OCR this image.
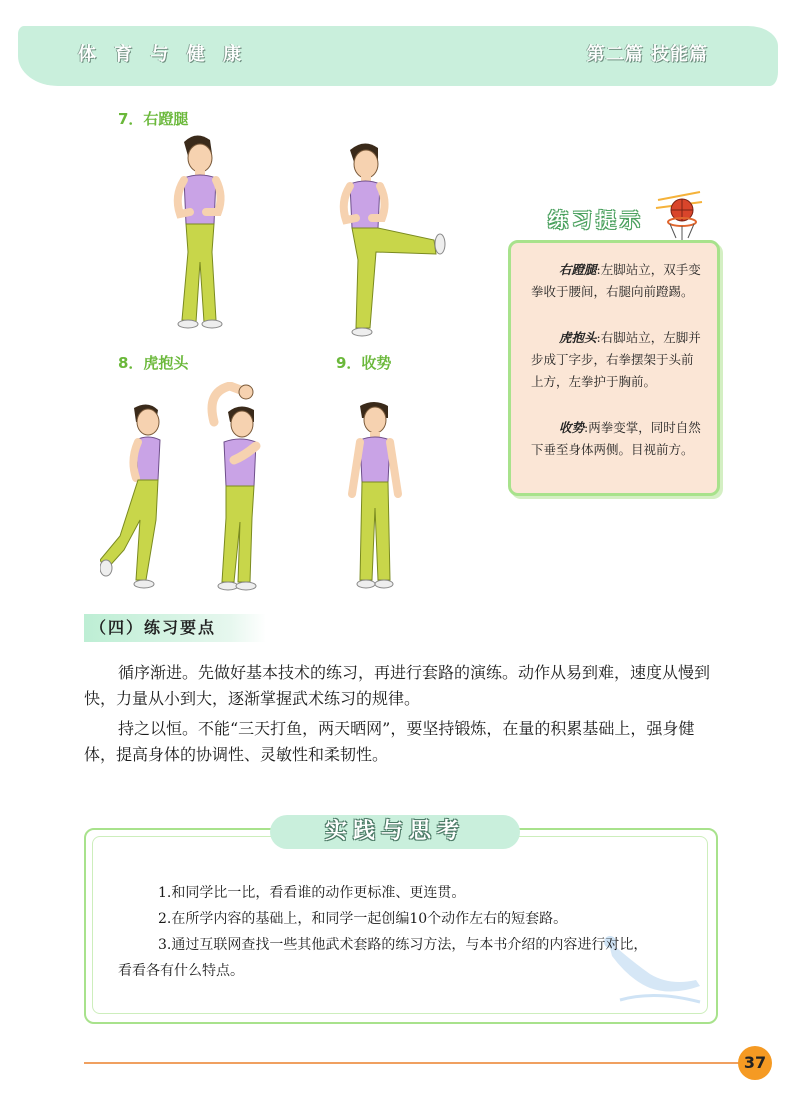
体 育 与 健 康	第二篇 技能篇
7．右蹬腿
8．虎抱头	9．收势
练习提示
右蹬腿:左脚站立，双手变拳收于腰间，右腿向前蹬踢。
虎抱头:右脚站立，左脚并步成丁字步，右拳摆架于头前上方，左拳护于胸前。
收势:两拳变掌，同时自然下垂至身体两侧。目视前方。
（四）练习要点
循序渐进。先做好基本技术的练习，再进行套路的演练。动作从易到难，速度从慢到快，力量从小到大，逐渐掌握武术练习的规律。
持之以恒。不能“三天打鱼，两天晒网”，要坚持锻炼，在量的积累基础上，强身健体，提高身体的协调性、灵敏性和柔韧性。
实践与思考
1.和同学比一比，看看谁的动作更标准、更连贯。
2.在所学内容的基础上，和同学一起创编10个动作左右的短套路。
3.通过互联网查找一些其他武术套路的练习方法，与本书介绍的内容进行对比，看看各有什么特点。
37
